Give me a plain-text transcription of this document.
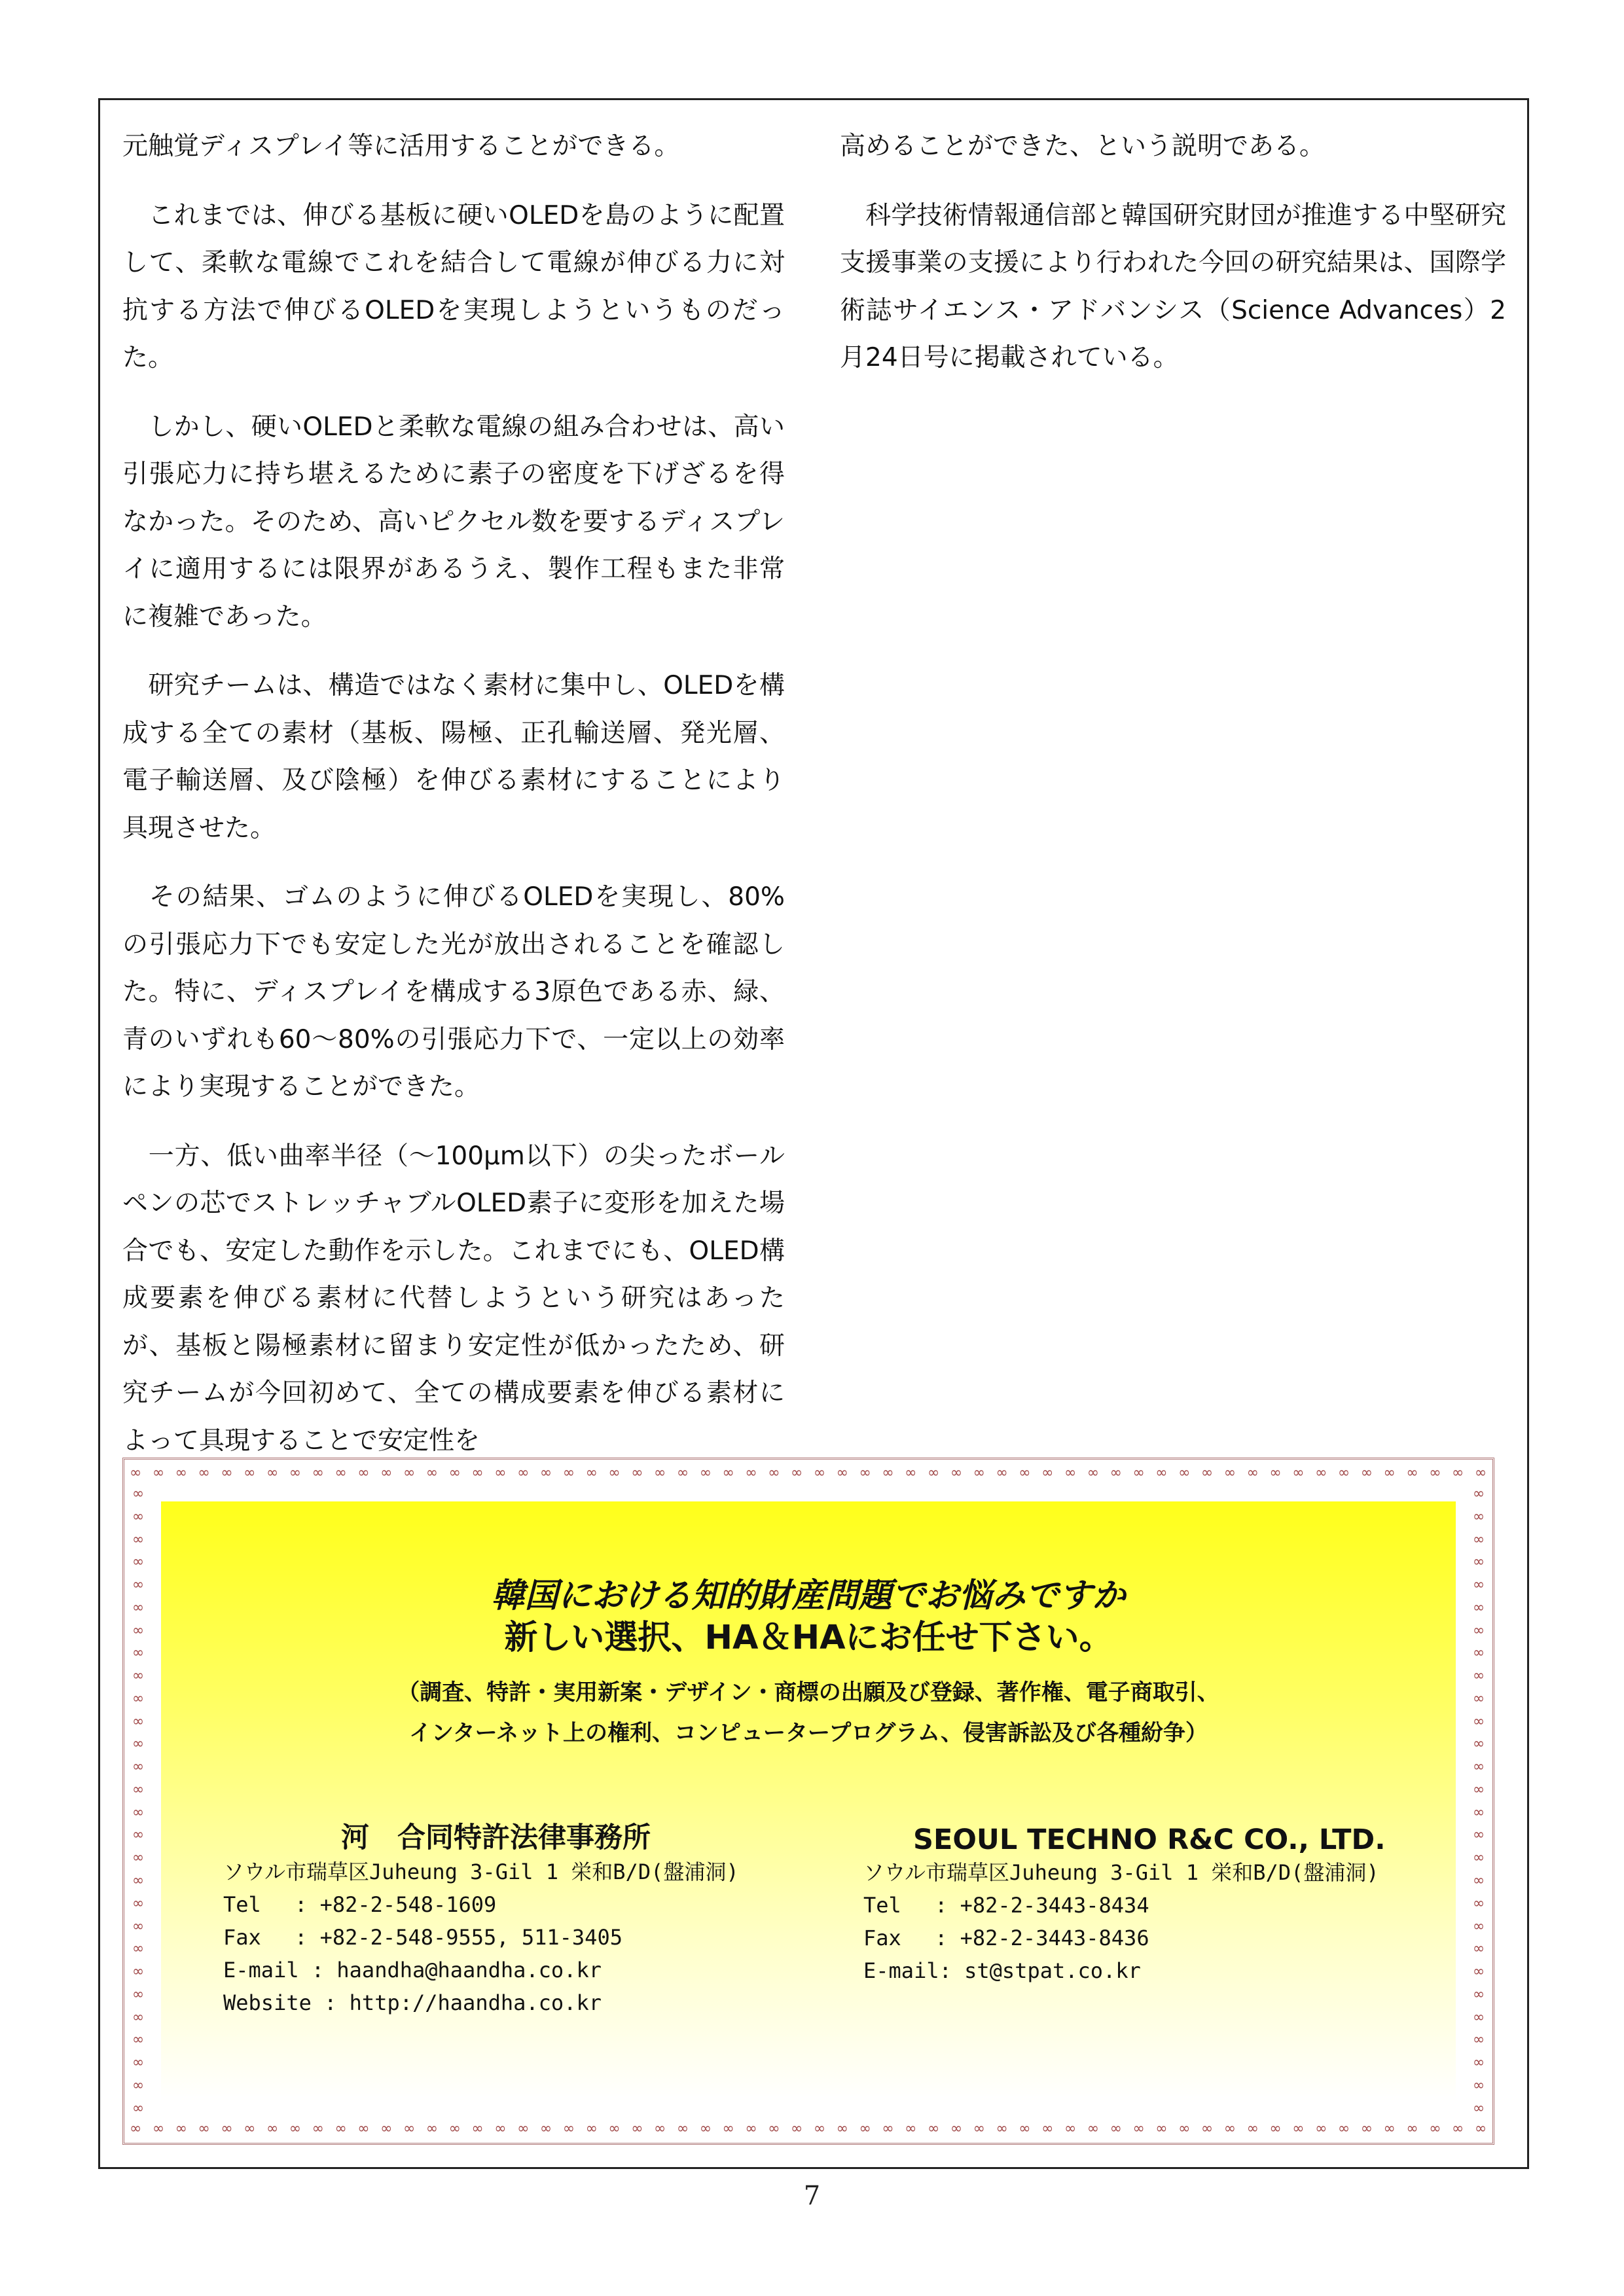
元触覚ディスプレイ等に活用することができる。

　これまでは、伸びる基板に硬いOLEDを島のように配置して、柔軟な電線でこれを結合して電線が伸びる力に対抗する方法で伸びるOLEDを実現しようというものだった。

　しかし、硬いOLEDと柔軟な電線の組み合わせは、高い引張応力に持ち堪えるために素子の密度を下げざるを得なかった。そのため、高いピクセル数を要するディスプレイに適用するには限界があるうえ、製作工程もまた非常に複雑であった。

　研究チームは、構造ではなく素材に集中し、OLEDを構成する全ての素材（基板、陽極、正孔輸送層、発光層、電子輸送層、及び陰極）を伸びる素材にすることにより具現させた。

　その結果、ゴムのように伸びるOLEDを実現し、80%の引張応力下でも安定した光が放出されることを確認した。特に、ディスプレイを構成する3原色である赤、緑、青のいずれも60～80%の引張応力下で、一定以上の効率により実現することができた。

　一方、低い曲率半径（～100μm以下）の尖ったボールペンの芯でストレッチャブルOLED素子に変形を加えた場合でも、安定した動作を示した。これまでにも、OLED構成要素を伸びる素材に代替しようという研究はあったが、基板と陽極素材に留まり安定性が低かったため、研究チームが今回初めて、全ての構成要素を伸びる素材によって具現することで安定性を

高めることができた、という説明である。

　科学技術情報通信部と韓国研究財団が推進する中堅研究支援事業の支援により行われた今回の研究結果は、国際学術誌サイエンス・アドバンシス（Science Advances）2月24日号に掲載されている。

∞ ∞ ∞ ∞ ∞ ∞ ∞ ∞ ∞ ∞ ∞ ∞ ∞ ∞ ∞ ∞ ∞ ∞ ∞ ∞ ∞ ∞ ∞ ∞ ∞ ∞ ∞ ∞ ∞ ∞ ∞ ∞ ∞ ∞ ∞ ∞ ∞ ∞ ∞ ∞ ∞ ∞ ∞ ∞ ∞ ∞ ∞ ∞ ∞ ∞ ∞ ∞ ∞ ∞ ∞ ∞ ∞ ∞ ∞ ∞
∞ ∞ ∞ ∞ ∞ ∞ ∞ ∞ ∞ ∞ ∞ ∞ ∞ ∞ ∞ ∞ ∞ ∞ ∞ ∞ ∞ ∞ ∞ ∞ ∞ ∞ ∞ ∞ ∞ ∞ ∞ ∞ ∞ ∞ ∞ ∞ ∞ ∞ ∞ ∞ ∞ ∞ ∞ ∞ ∞ ∞ ∞ ∞ ∞ ∞ ∞ ∞ ∞ ∞ ∞ ∞ ∞ ∞ ∞ ∞
∞
∞
∞
∞
∞
∞
∞
∞
∞
∞
∞
∞
∞
∞
∞
∞
∞
∞
∞
∞
∞
∞
∞
∞
∞
∞
∞
∞
∞
∞
∞
∞
∞
∞
∞
∞
∞
∞
∞
∞
∞
∞
∞
∞
∞
∞
∞
∞
∞
∞
∞
∞
∞
∞
∞
∞
韓国における知的財産問題でお悩みですか
新しい選択、HA＆HAにお任せ下さい。
（調査、特許・実用新案・デザイン・商標の出願及び登録、著作権、電子商取引、
インターネット上の権利、コンピュータープログラム、侵害訴訟及び各種紛争）
河　合同特許法律事務所
ソウル市瑞草区Juheung 3-Gil 1 栄和B/D(盤浦洞)
Tel　 : +82-2-548-1609
Fax　 : +82-2-548-9555, 511-3405
E-mail : haandha@haandha.co.kr
Website : http://haandha.co.kr
SEOUL TECHNO R&C CO., LTD.
ソウル市瑞草区Juheung 3-Gil 1 栄和B/D(盤浦洞)
Tel　 : +82-2-3443-8434
Fax　 : +82-2-3443-8436
E-mail: st@stpat.co.kr
7
